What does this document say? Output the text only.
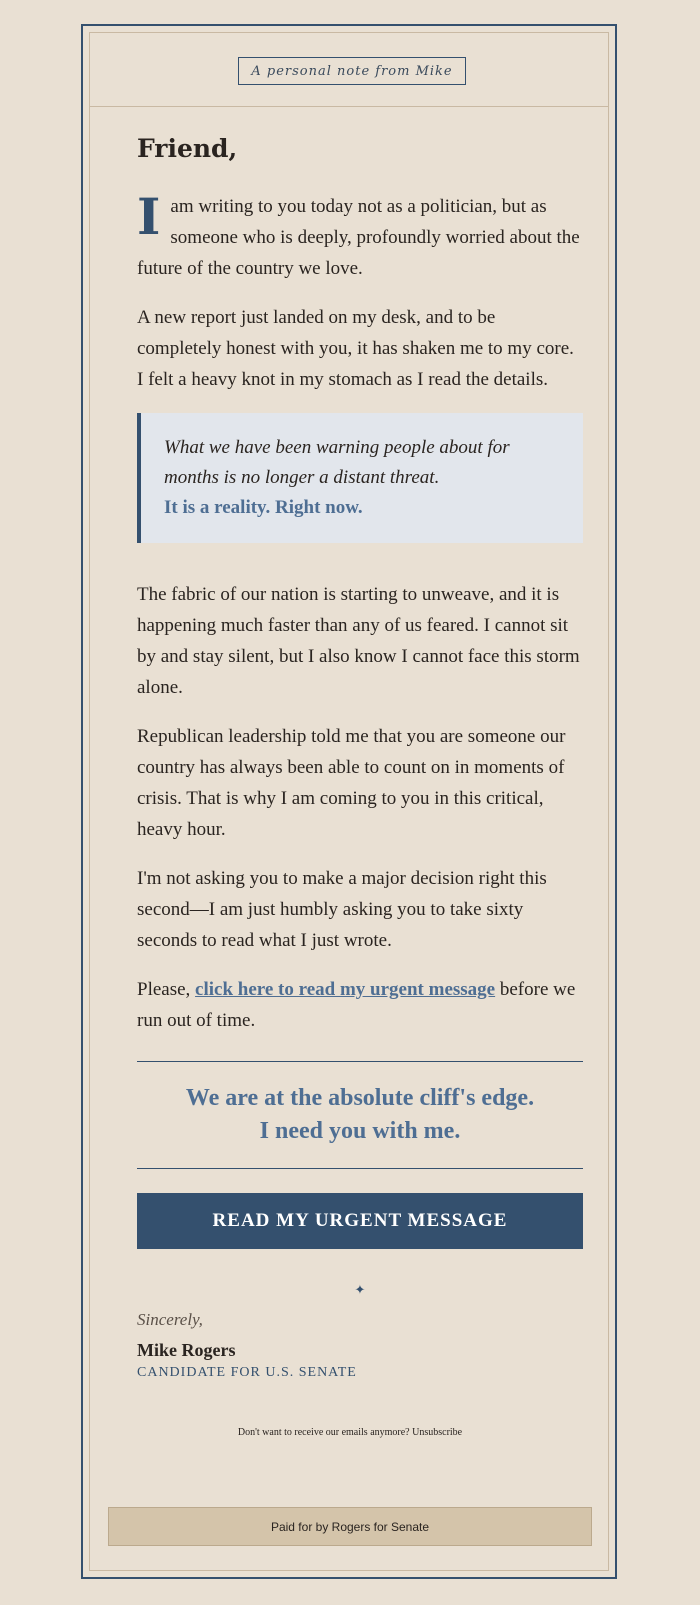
A personal note from Mike
Friend,

Iam writing to you today not as a politician, but as someone who is deeply, profoundly worried about the future of the country we love.

A new report just landed on my desk, and to be completely honest with you, it has shaken me to my core. I felt a heavy knot in my stomach as I read the details.

What we have been warning people about for months is no longer a distant threat.
It is a reality. Right now.

The fabric of our nation is starting to unweave, and it is happening much faster than any of us feared. I cannot sit by and stay silent, but I also know I cannot face this storm alone.

Republican leadership told me that you are someone our country has always been able to count on in moments of crisis. That is why I am coming to you in this critical, heavy hour.

I'm not asking you to make a major decision right this second—I am just humbly asking you to take sixty seconds to read what I just wrote.

Please, click here to read my urgent message before we run out of time.

We are at the absolute cliff's edge.
I need you with me.
READ MY URGENT MESSAGE
✦
Sincerely,
Mike Rogers
CANDIDATE FOR U.S. SENATE
Don't want to receive our emails anymore? Unsubscribe
Paid for by Rogers for Senate
